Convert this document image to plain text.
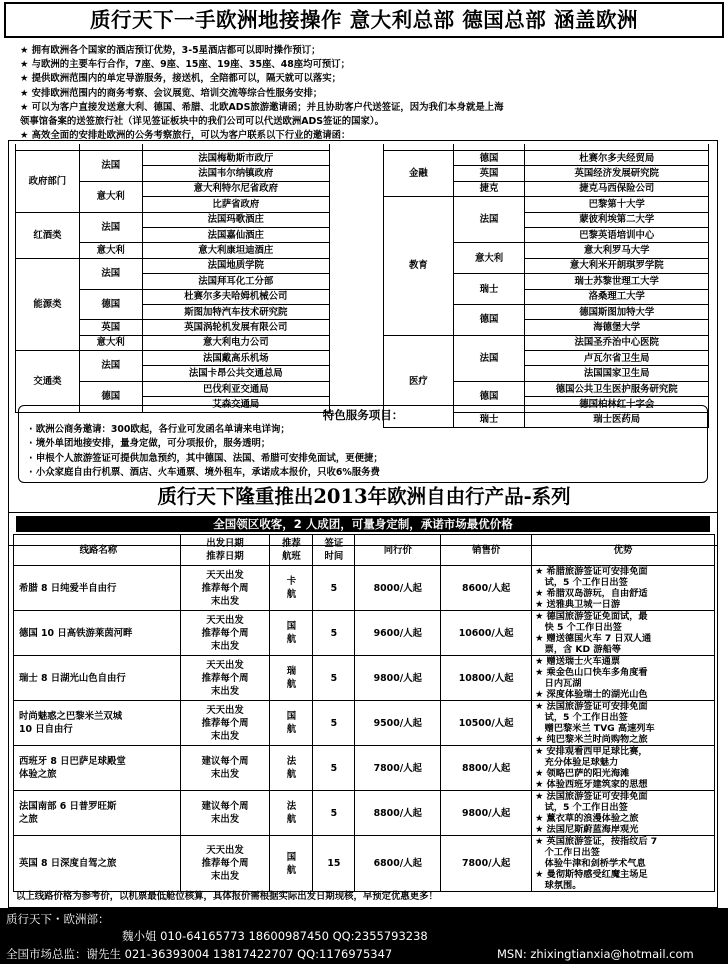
质行天下一手欧洲地接操作 意大利总部 德国总部 涵盖欧洲
★ 拥有欧洲各个国家的酒店预订优势，3-5星酒店都可以即时操作预订；
★ 与欧洲的主要车行合作，7座、9座、15座、19座、35座、48座均可预订；
★ 提供欧洲范围内的单定导游服务，接送机，全陪都可以，隔天就可以落实；
★ 安排欧洲范围内的商务考察、会议展览、培训交流等综合性服务安排；
★ 可以为客户直接发送意大利、德国、希腊、北欧ADS旅游邀请函；并且协助客户代送签证，因为我们本身就是上海
领事馆备案的送签旅行社（详见签证板块中的我们公司可以代送欧洲ADS签证的国家）。
★ 高效全面的安排赴欧洲的公务考察旅行，可以为客户联系以下行业的邀请函：

政府部门	法国	法国梅勒斯市政厅
		法国韦尔纳镇政府
	意大利	意大利特尔尼省政府
		比萨省政府
红酒类	法国	法国玛歌酒庄
		法国嘉仙酒庄
	意大利	意大利康坦迪酒庄
能源类	法国	法国地质学院
		法国拜耳化工分部
	德国	杜赛尔多夫哈姆机械公司
		斯图加特汽车技术研究院
	英国	英国涡轮机发展有限公司
	意大利	意大利电力公司
交通类	法国	法国戴高乐机场
		法国卡昂公共交通总局
	德国	巴伐利亚交通局
		艾森交通局

金融	德国	杜赛尔多夫经贸局
	英国	英国经济发展研究院
	捷克	捷克马西保险公司
教育	法国	巴黎第十大学
		蒙彼利埃第二大学
		巴黎英语培训中心
	意大利	意大利罗马大学
		意大利米开朗琪罗学院
	瑞士	瑞士苏黎世理工大学
		洛桑理工大学
	德国	德国斯图加特大学
		海德堡大学
医疗	法国	法国圣乔治中心医院
		卢瓦尔省卫生局
		法国国家卫生局
	德国	德国公共卫生医护服务研究院
		德国柏林红十字会
	瑞士	瑞士医药局
特色服务项目：
· 欧洲公商务邀请：300欧起，各行业可发函名单请来电详询；
· 境外单团地接安排，量身定做，可分项报价，服务透明；
· 申根个人旅游签证可提供加急预约，其中德国、法国、希腊可安排免面试，更便捷；
· 小众家庭自由行机票、酒店、火车通票、境外租车，承诺成本报价，只收6%服务费
质行天下隆重推出2013年欧洲自由行产品-系列
全国领区收客，2 人成团，可量身定制，承诺市场最优价格
线路名称	出发日期
推荐日期	推荐
航班	签证
时间	同行价	销售价	优势
希腊 8 日纯爱半自由行	天天出发
推荐每个周
末出发	卡
航	5	8000/人起	8600/人起	★ 希腊旅游签证可安排免面
试，5 个工作日出签
★ 希腊双岛游玩，自由舒适
★ 送雅典卫城一日游

德国 10 日高铁游莱茵河畔	天天出发
推荐每个周
末出发	国
航	5	9600/人起	10600/人起	★ 德国旅游签证免面试，最
快 5 个工作日出签
★ 赠送德国火车 7 日双人通
票，含 KD 游船等

瑞士 8 日湖光山色自由行	天天出发
推荐每个周
末出发	瑞
航	5	9800/人起	10800/人起	★ 赠送瑞士火车通票
★ 乘金色山口快车多角度看
日内瓦湖
★ 深度体验瑞士的湖光山色

时尚魅惑之巴黎米兰双城
10 日自由行	天天出发
推荐每个周
末出发	国
航	5	9500/人起	10500/人起	★ 法国旅游签证可安排免面
试，5 个工作日出签
赠巴黎米兰 TVG 高速列车
★ 纯巴黎米兰时尚购物之旅

西班牙 8 日巴萨足球殿堂
体验之旅	建议每个周
末出发	法
航	5	7800/人起	8800/人起	★ 安排观看西甲足球比赛，
充分体验足球魅力
★ 领略巴萨的阳光海滩
★ 体验西班牙建筑家的思想

法国南部 6 日普罗旺斯
之旅	建议每个周
末出发	法
航	5	8800/人起	9800/人起	★ 法国旅游签证可安排免面
试，5 个工作日出签
★ 薰衣草的浪漫体验之旅
★ 法国尼斯蔚蓝海岸观光

英国 8 日深度自驾之旅	天天出发
推荐每个周
末出发	国
航	15	6800/人起	7800/人起	★ 英国旅游签证，按指纹后 7
个工作日出签
体验牛津和剑桥学术气息
★ 曼彻斯特感受红魔主场足
球氛围。
以上线路价格为参考价，以机票最低舱位核算，具体报价需根据实际出发日期现核，早预定优惠更多！
质行天下・欧洲部：
魏小姐 010-64165773 18600987450 QQ:2355793238
全国市场总监：谢先生 021-36393004 13817422707 QQ:1176975347	MSN: zhixingtianxia@hotmail.com
